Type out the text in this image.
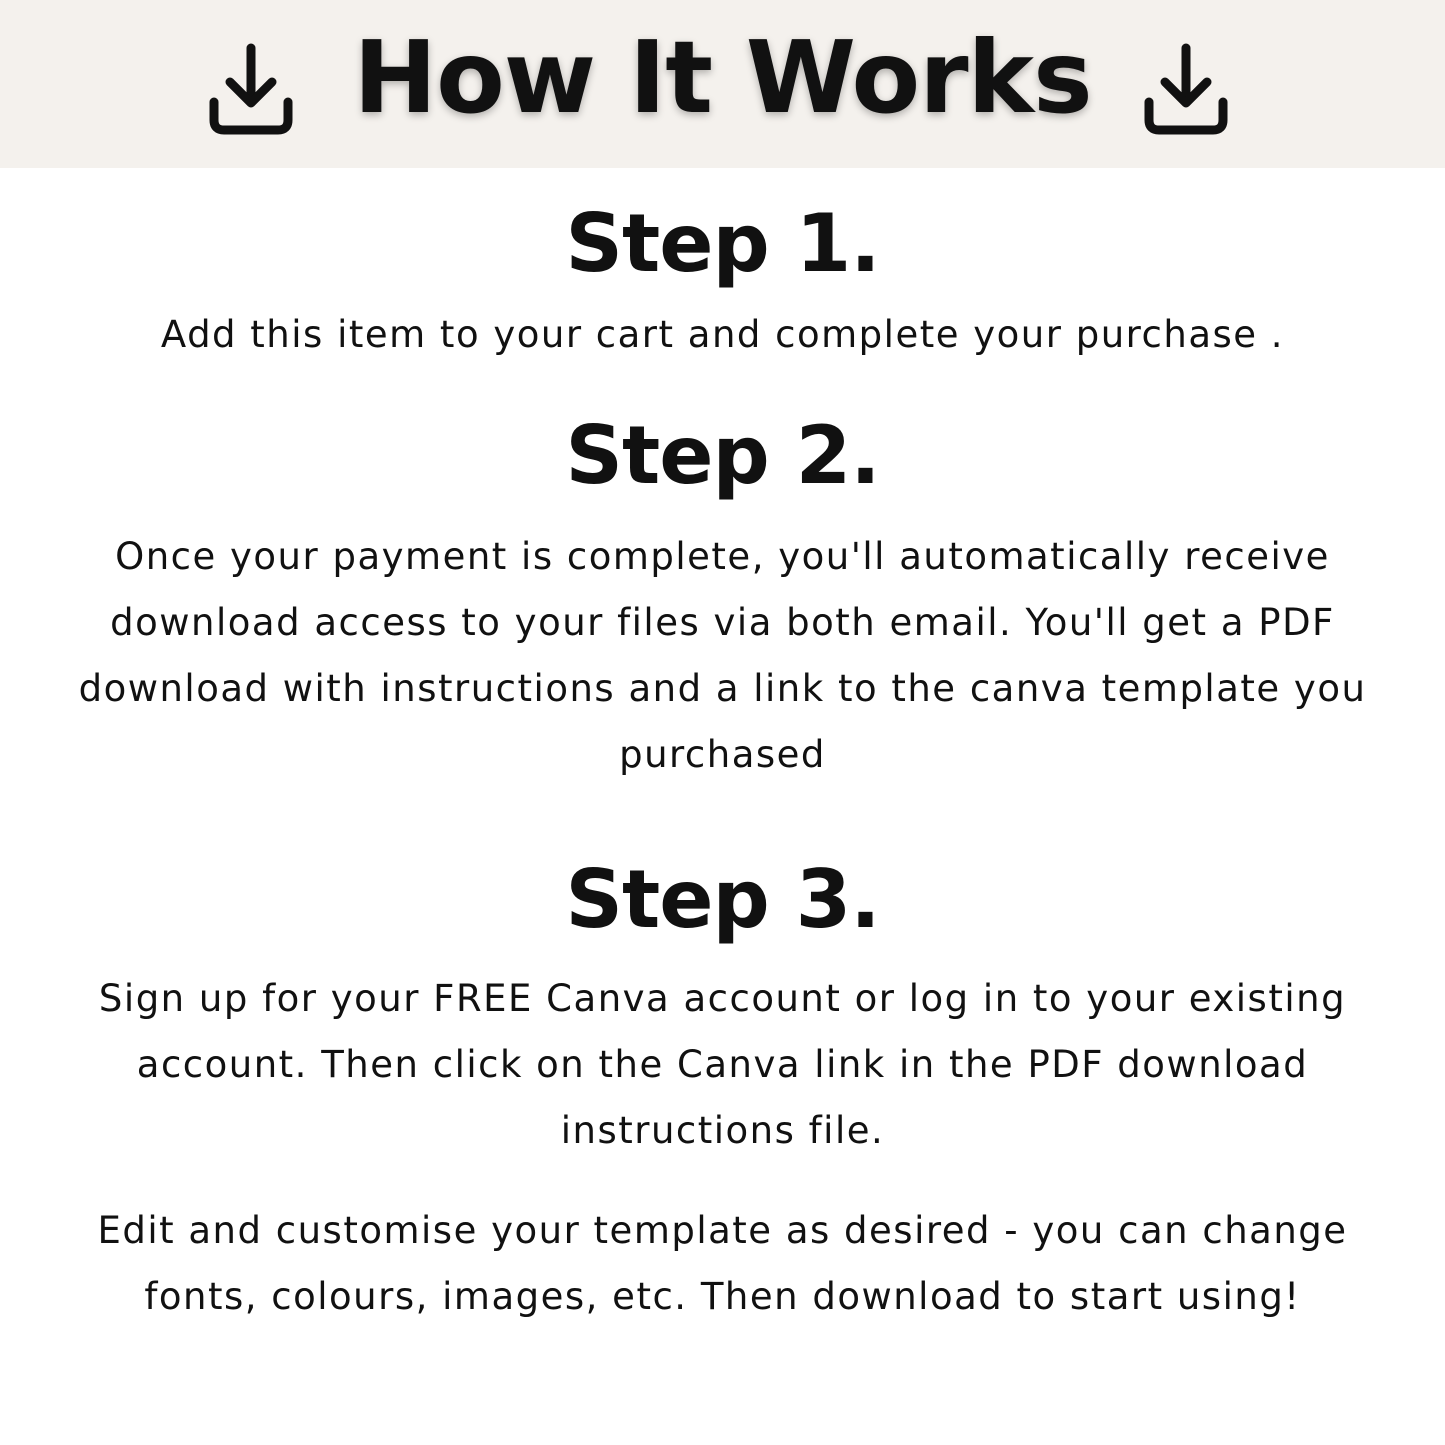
How It Works
Step 1.

Add this item to your cart and complete your purchase .

Step 2.

Once your payment is complete, you'll automatically receive download access to your files via both email. You'll get a PDF download with instructions and a link to the canva template you purchased

Step 3.

Sign up for your FREE Canva account or log in to your existing account. Then click on the Canva link in the PDF download instructions file.

Edit and customise your template as desired - you can change fonts, colours, images, etc. Then download to start using!
